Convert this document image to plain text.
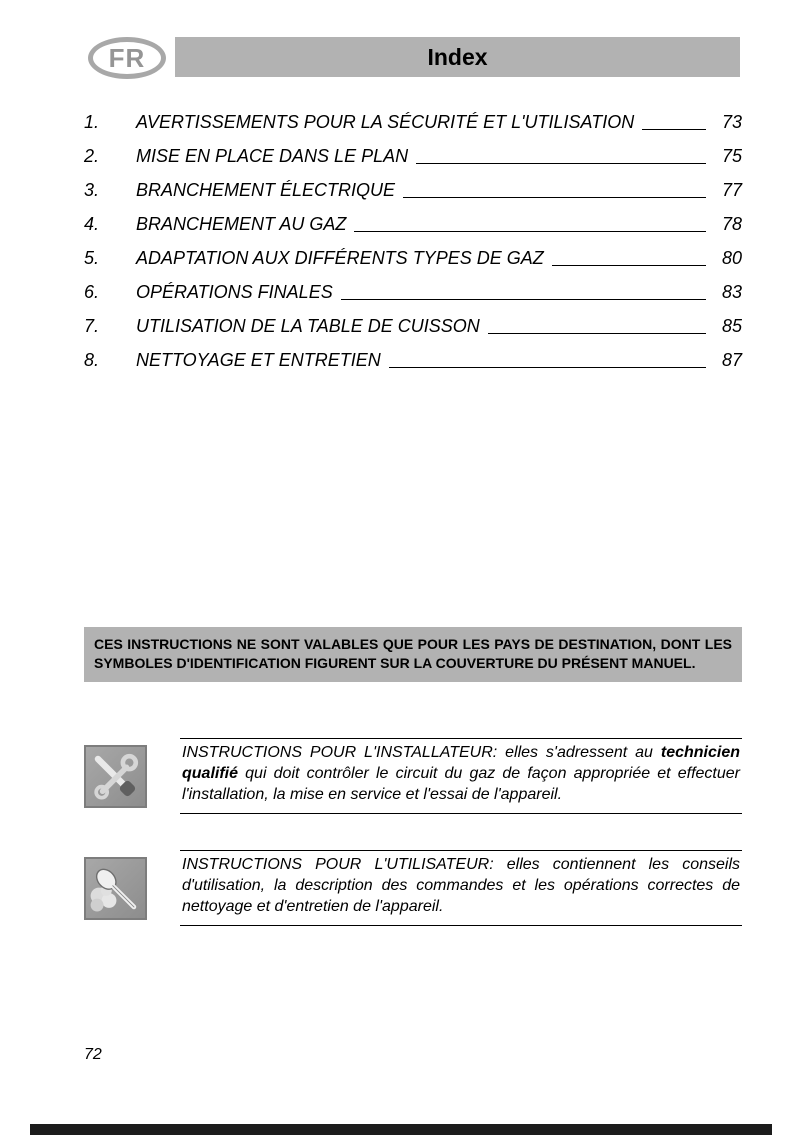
FR	Index
1.	AVERTISSEMENTS POUR LA SÉCURITÉ ET L'UTILISATION	73
2.	MISE EN PLACE DANS LE PLAN	75
3.	BRANCHEMENT ÉLECTRIQUE	77
4.	BRANCHEMENT AU GAZ	78
5.	ADAPTATION AUX DIFFÉRENTS TYPES DE GAZ	80
6.	OPÉRATIONS FINALES	83
7.	UTILISATION DE LA TABLE DE CUISSON	85
8.	NETTOYAGE ET ENTRETIEN	87
CES INSTRUCTIONS NE SONT VALABLES QUE POUR LES PAYS DE DESTINATION, DONT LES SYMBOLES D'IDENTIFICATION FIGURENT SUR LA COUVERTURE DU PRÉSENT MANUEL.
INSTRUCTIONS POUR L'INSTALLATEUR: elles s'adressent au technicien qualifié qui doit contrôler le circuit du gaz de façon appropriée et effectuer l'installation, la mise en service et l'essai de l'appareil.
INSTRUCTIONS POUR L'UTILISATEUR: elles contiennent les conseils d'utilisation, la description des commandes et les opérations correctes de nettoyage et d'entretien de l'appareil.
72
